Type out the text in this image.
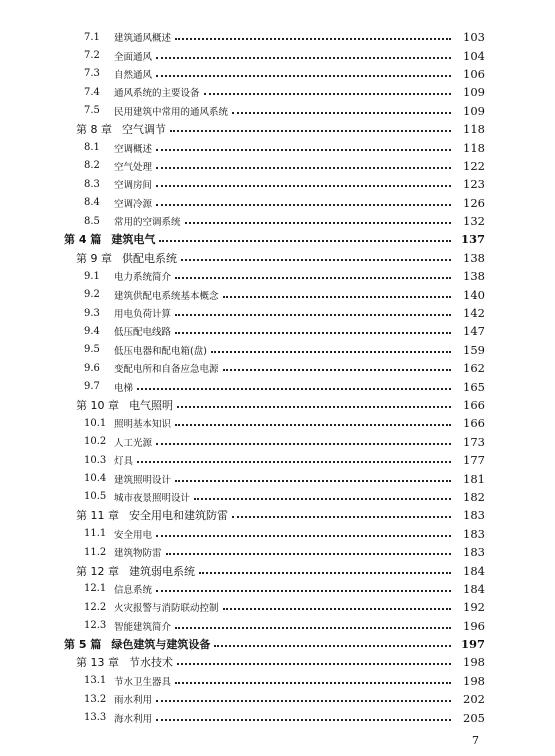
7.1	建筑通风概述	103
7.2	全面通风	104
7.3	自然通风	106
7.4	通风系统的主要设备	109
7.5	民用建筑中常用的通风系统	109
第 8 章 空气调节	118
8.1	空调概述	118
8.2	空气处理	122
8.3	空调房间	123
8.4	空调冷源	126
8.5	常用的空调系统	132
第 4 篇 建筑电气	137
第 9 章 供配电系统	138
9.1	电力系统简介	138
9.2	建筑供配电系统基本概念	140
9.3	用电负荷计算	142
9.4	低压配电线路	147
9.5	低压电器和配电箱(盘)	159
9.6	变配电所和自备应急电源	162
9.7	电梯	165
第 10 章 电气照明	166
10.1 照明基本知识	166
10.2 人工光源	173
10.3 灯具	177
10.4 建筑照明设计	181
10.5 城市夜景照明设计	182
第 11 章 安全用电和建筑防雷	183
11.1 安全用电	183
11.2 建筑物防雷	183
第 12 章 建筑弱电系统	184
12.1 信息系统	184
12.2 火灾报警与消防联动控制	192
12.3 智能建筑简介	196
第 5 篇 绿色建筑与建筑设备	197
第 13 章 节水技术	198
13.1 节水卫生器具	198
13.2 雨水利用	202
13.3 海水利用	205
7
